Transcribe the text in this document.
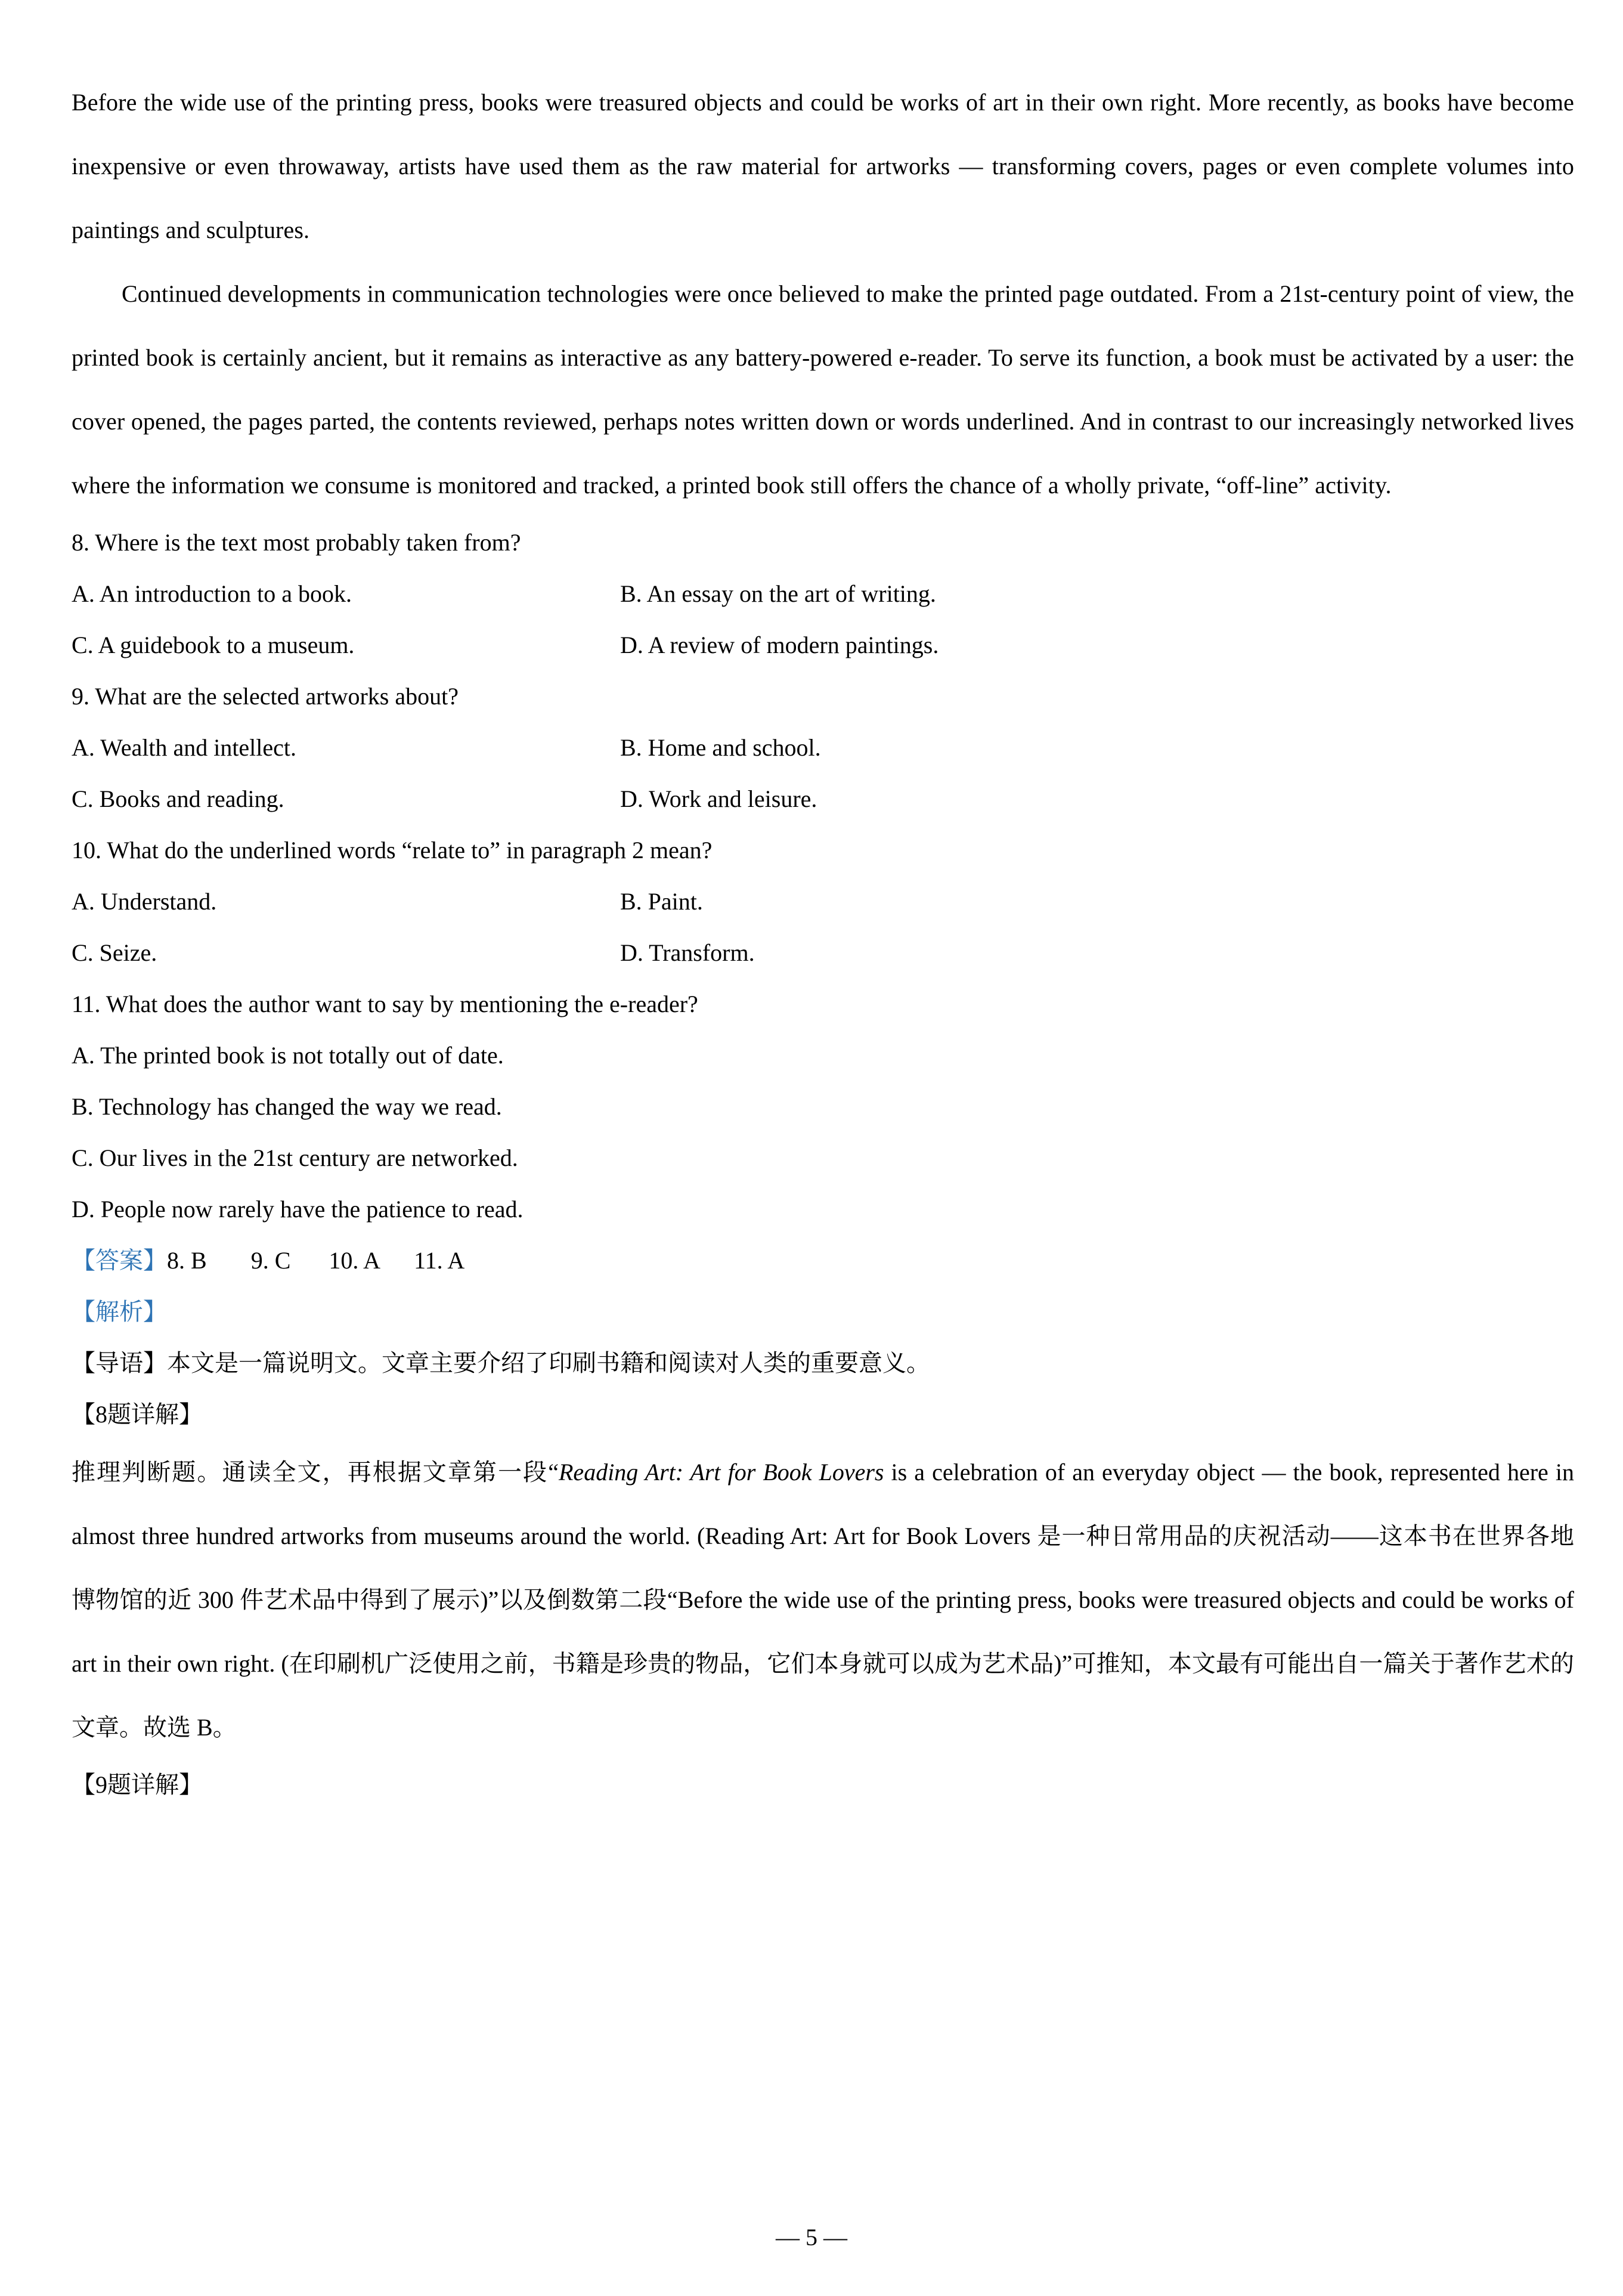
Before the wide use of the printing press, books were treasured objects and could be works of art in their own right. More recently, as books have become inexpensive or even throwaway, artists have used them as the raw material for artworks — transforming covers, pages or even complete volumes into paintings and sculptures.

Continued developments in communication technologies were once believed to make the printed page outdated. From a 21st-century point of view, the printed book is certainly ancient, but it remains as interactive as any battery-powered e-reader. To serve its function, a book must be activated by a user: the cover opened, the pages parted, the contents reviewed, perhaps notes written down or words underlined. And in contrast to our increasingly networked lives where the information we consume is monitored and tracked, a printed book still offers the chance of a wholly private, “off-line” activity.

8. Where is the text most probably taken from?

A. An introduction to a book.	B. An essay on the art of writing.
C. A guidebook to a museum.	D. A review of modern paintings.

9. What are the selected artworks about?

A. Wealth and intellect.	B. Home and school.
C. Books and reading.	D. Work and leisure.

10. What do the underlined words “relate to” in paragraph 2 mean?

A. Understand.	B. Paint.
C. Seize.	D. Transform.

11. What does the author want to say by mentioning the e-reader?

A. The printed book is not totally out of date.

B. Technology has changed the way we read.

C. Our lives in the 21st century are networked.

D. People now rarely have the patience to read.

【答案】8. B 9. C 10. A 11. A

【解析】

【导语】本文是一篇说明文。文章主要介绍了印刷书籍和阅读对人类的重要意义。

【8题详解】

推理判断题。通读全文，再根据文章第一段“Reading Art: Art for Book Lovers is a celebration of an everyday object — the book, represented here in almost three hundred artworks from museums around the world. (Reading Art: Art for Book Lovers 是一种日常用品的庆祝活动——这本书在世界各地博物馆的近 300 件艺术品中得到了展示)”以及倒数第二段“Before the wide use of the printing press, books were treasured objects and could be works of art in their own right. (在印刷机广泛使用之前，书籍是珍贵的物品，它们本身就可以成为艺术品)”可推知，本文最有可能出自一篇关于著作艺术的文章。故选 B。

【9题详解】

— 5 —
